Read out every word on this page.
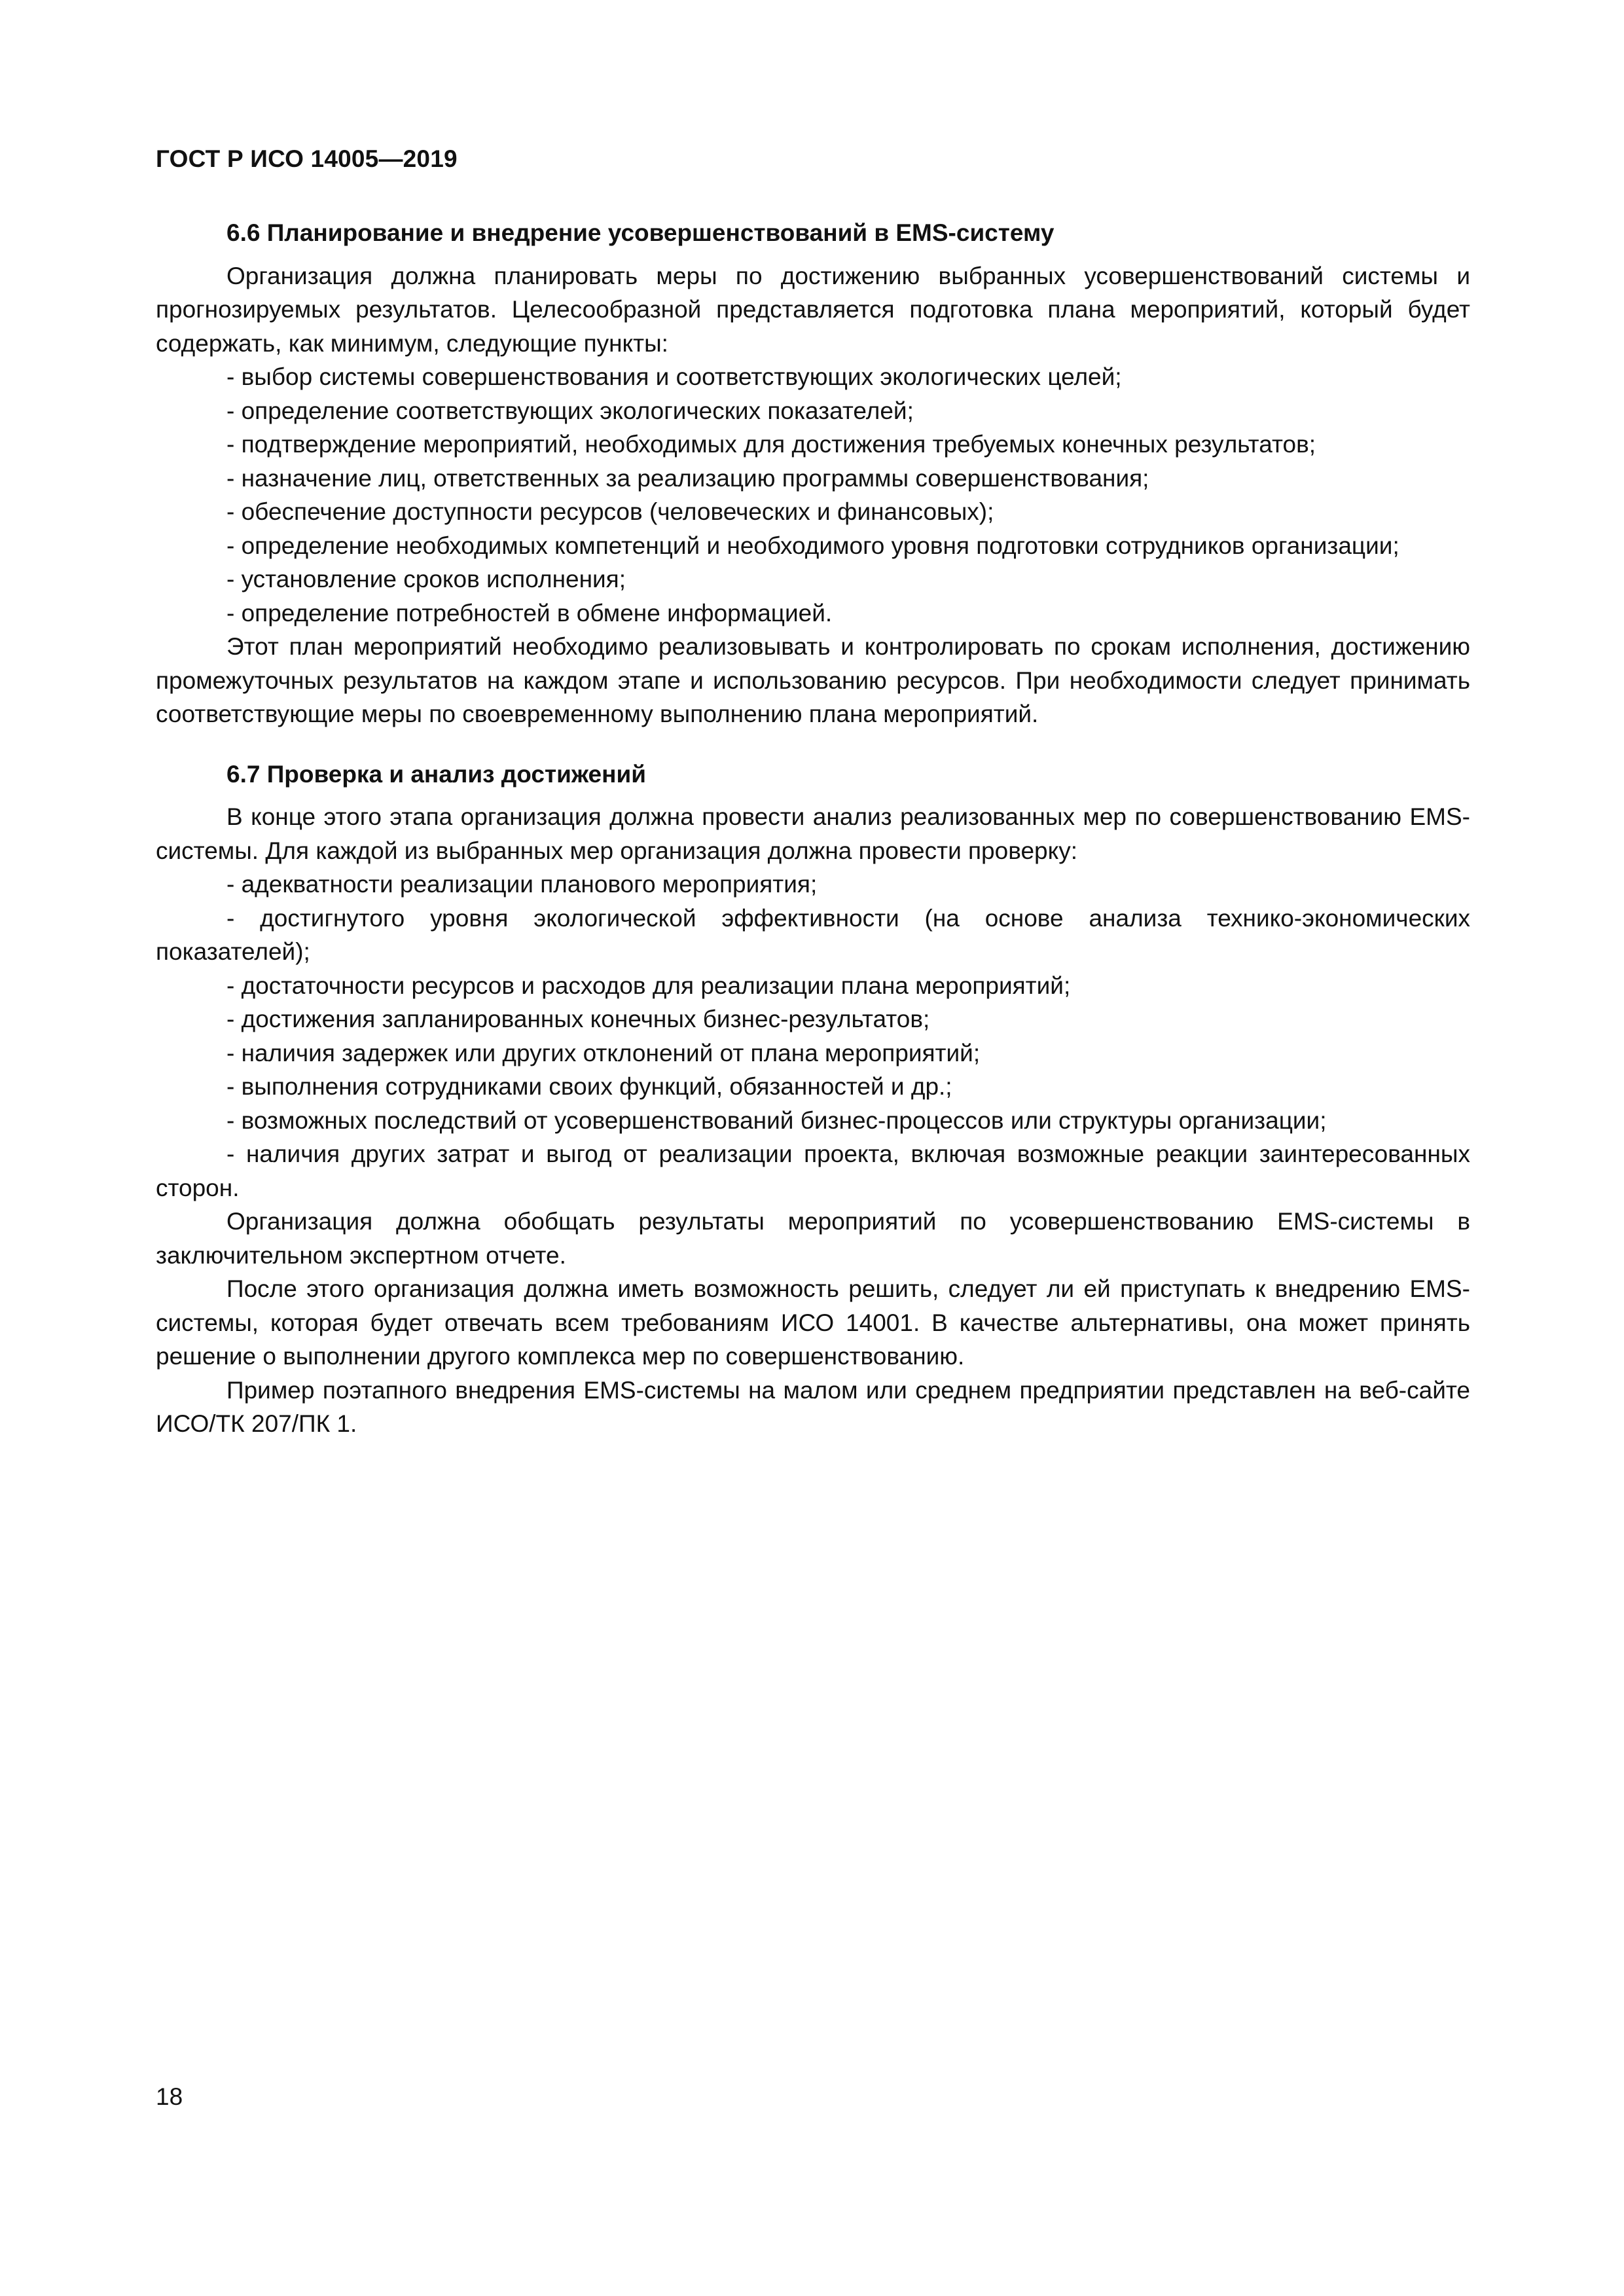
ГОСТ Р ИСО 14005—2019

6.6 Планирование и внедрение усовершенствований в EMS-систему

Организация должна планировать меры по достижению выбранных усовершенствований системы и прогнозируемых результатов. Целесообразной представляется подготовка плана мероприятий, который будет содержать, как минимум, следующие пункты:

- выбор системы совершенствования и соответствующих экологических целей;

- определение соответствующих экологических показателей;

- подтверждение мероприятий, необходимых для достижения требуемых конечных результатов;

- назначение лиц, ответственных за реализацию программы совершенствования;

- обеспечение доступности ресурсов (человеческих и финансовых);

- определение необходимых компетенций и необходимого уровня подготовки сотрудников организации;

- установление сроков исполнения;

- определение потребностей в обмене информацией.

Этот план мероприятий необходимо реализовывать и контролировать по срокам исполнения, достижению промежуточных результатов на каждом этапе и использованию ресурсов. При необходимости следует принимать соответствующие меры по своевременному выполнению плана мероприятий.

6.7 Проверка и анализ достижений

В конце этого этапа организация должна провести анализ реализованных мер по совершенствованию EMS-системы. Для каждой из выбранных мер организация должна провести проверку:

- адекватности реализации планового мероприятия;

- достигнутого уровня экологической эффективности (на основе анализа технико-экономических показателей);

- достаточности ресурсов и расходов для реализации плана мероприятий;

- достижения запланированных конечных бизнес-результатов;

- наличия задержек или других отклонений от плана мероприятий;

- выполнения сотрудниками своих функций, обязанностей и др.;

- возможных последствий от усовершенствований бизнес-процессов или структуры организации;

- наличия других затрат и выгод от реализации проекта, включая возможные реакции заинтересованных сторон.

Организация должна обобщать результаты мероприятий по усовершенствованию EMS-системы в заключительном экспертном отчете.

После этого организация должна иметь возможность решить, следует ли ей приступать к внедрению EMS-системы, которая будет отвечать всем требованиям ИСО 14001. В качестве альтернативы, она может принять решение о выполнении другого комплекса мер по совершенствованию.

Пример поэтапного внедрения EMS-системы на малом или среднем предприятии представлен на веб-сайте ИСО/ТК 207/ПК 1.

18
